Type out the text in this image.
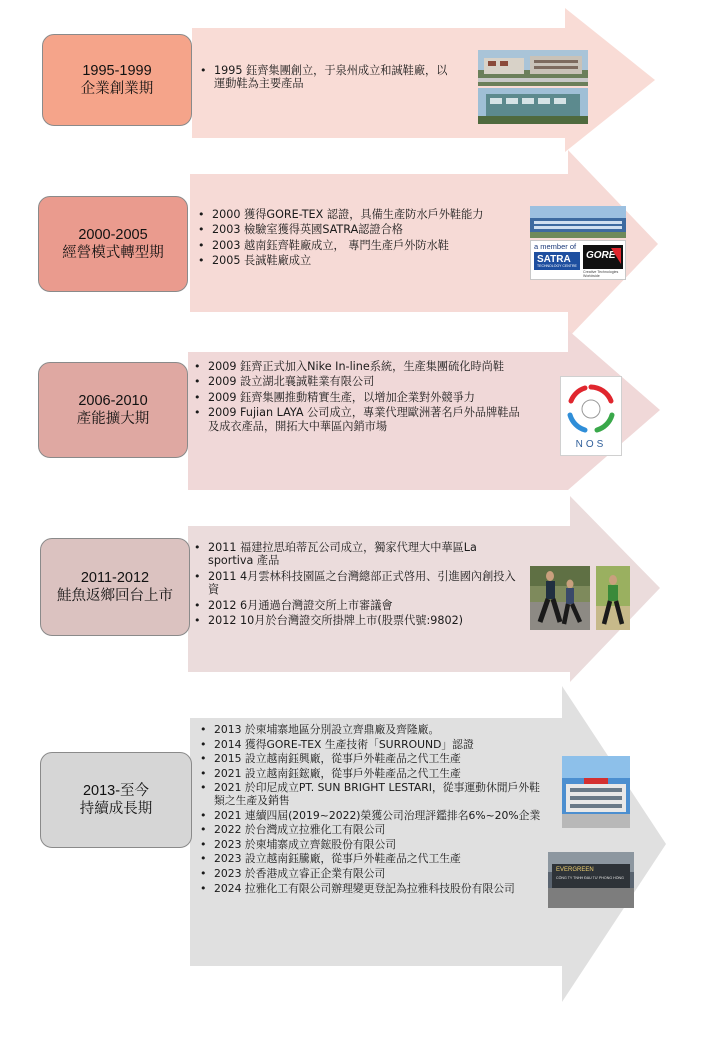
1995-1999
企業創業期
2000-2005
經營模式轉型期
2006-2010
產能擴大期
2011-2012
鮭魚返鄉回台上市
2013-至今
持續成長期
• 1995 鈺齊集團創立，于泉州成立和誠鞋廠，以運動鞋為主要產品
• 2000 獲得GORE-TEX 認證，具備生產防水戶外鞋能力
• 2003 檢驗室獲得英國SATRA認證合格
• 2003 越南鈺齊鞋廠成立， 專門生產戶外防水鞋
• 2005 長誠鞋廠成立
• 2009 鈺齊正式加入Nike In-line系統，生產集團硫化時尚鞋
• 2009 設立湖北襄誠鞋業有限公司
• 2009 鈺齊集團推動精實生產，以增加企業對外競爭力
• 2009 Fujian LAYA 公司成立，專業代理歐洲著名戶外品牌鞋品及成衣產品，開拓大中華區內銷市場
• 2011 福建拉思珀蒂瓦公司成立，獨家代理大中華區La sportiva 產品
• 2011 4月雲林科技園區之台灣總部正式啓用、引進國內創投入資
• 2012 6月通過台灣證交所上市審議會
• 2012 10月於台灣證交所掛牌上市(股票代號:9802)
• 2013 於柬埔寨地區分別設立齊鼎廠及齊隆廠。
• 2014 獲得GORE-TEX 生產技術「SURROUND」認證
• 2015 設立越南鈺興廠，從事戶外鞋產品之代工生產
• 2021 設立越南鈺鋐廠，從事戶外鞋產品之代工生產
• 2021 於印尼成立PT. SUN BRIGHT LESTARI，從事運動休閒戶外鞋類之生產及銷售
• 2021 連續四屆(2019~2022)榮獲公司治理評鑑排名6%~20%企業
• 2022 於台灣成立拉雅化工有限公司
• 2023 於柬埔寨成立齊鋐股份有限公司
• 2023 設立越南鈺騰廠，從事戶外鞋產品之代工生產
• 2023 於香港成立睿正企業有限公司
• 2024 拉雅化工有限公司辦理變更登記為拉雅科技股份有限公司
a member of
SATRA
TECHNOLOGY CENTRE
GORE
Creative Technologies Worldwide
NOS
EVERGREEN
CÔNG TY TNHH ĐẦU TƯ PHONG HỒNG
